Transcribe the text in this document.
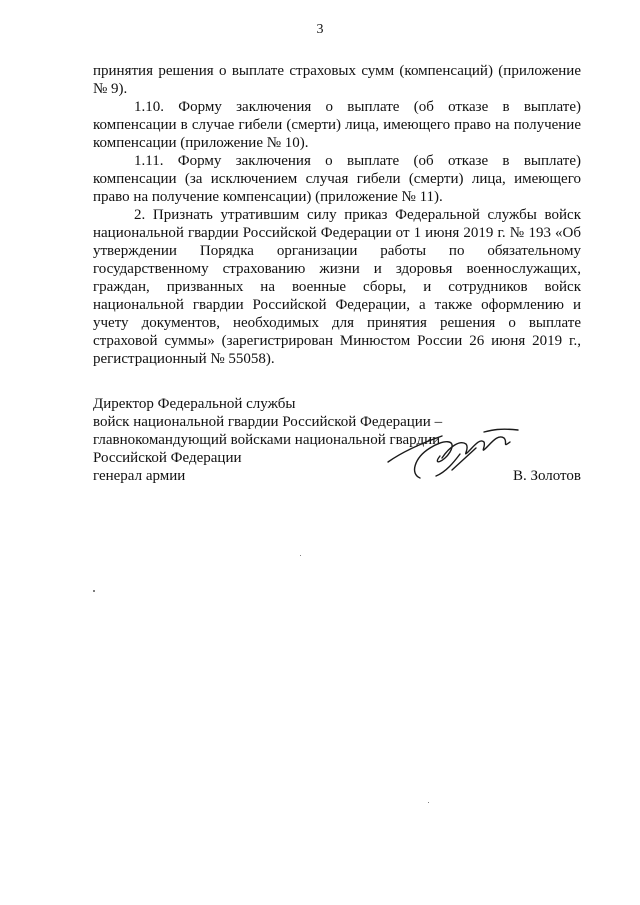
3

принятия решения о выплате страховых сумм (компенсаций) (приложение № 9).

1.10. Форму заключения о выплате (об отказе в выплате) компенсации в случае гибели (смерти) лица, имеющего право на получение компенсации (приложение № 10).

1.11. Форму заключения о выплате (об отказе в выплате) компенсации (за исключением случая гибели (смерти) лица, имеющего право на получение компенсации) (приложение № 11).

2. Признать утратившим силу приказ Федеральной службы войск национальной гвардии Российской Федерации от 1 июня 2019 г. № 193 «Об утверждении Порядка организации работы по обязательному государственному страхованию жизни и здоровья военнослужащих, граждан, призванных на военные сборы, и сотрудников войск национальной гвардии Российской Федерации, а также оформлению и учету документов, необходимых для принятия решения о выплате страховой суммы» (зарегистрирован Минюстом России 26 июня 2019 г., регистрационный № 55058).

Директор Федеральной службы
войск национальной гвардии Российской Федерации –
главнокомандующий войсками национальной гвардии
Российской Федерации
генерал армии	В. Золотов
